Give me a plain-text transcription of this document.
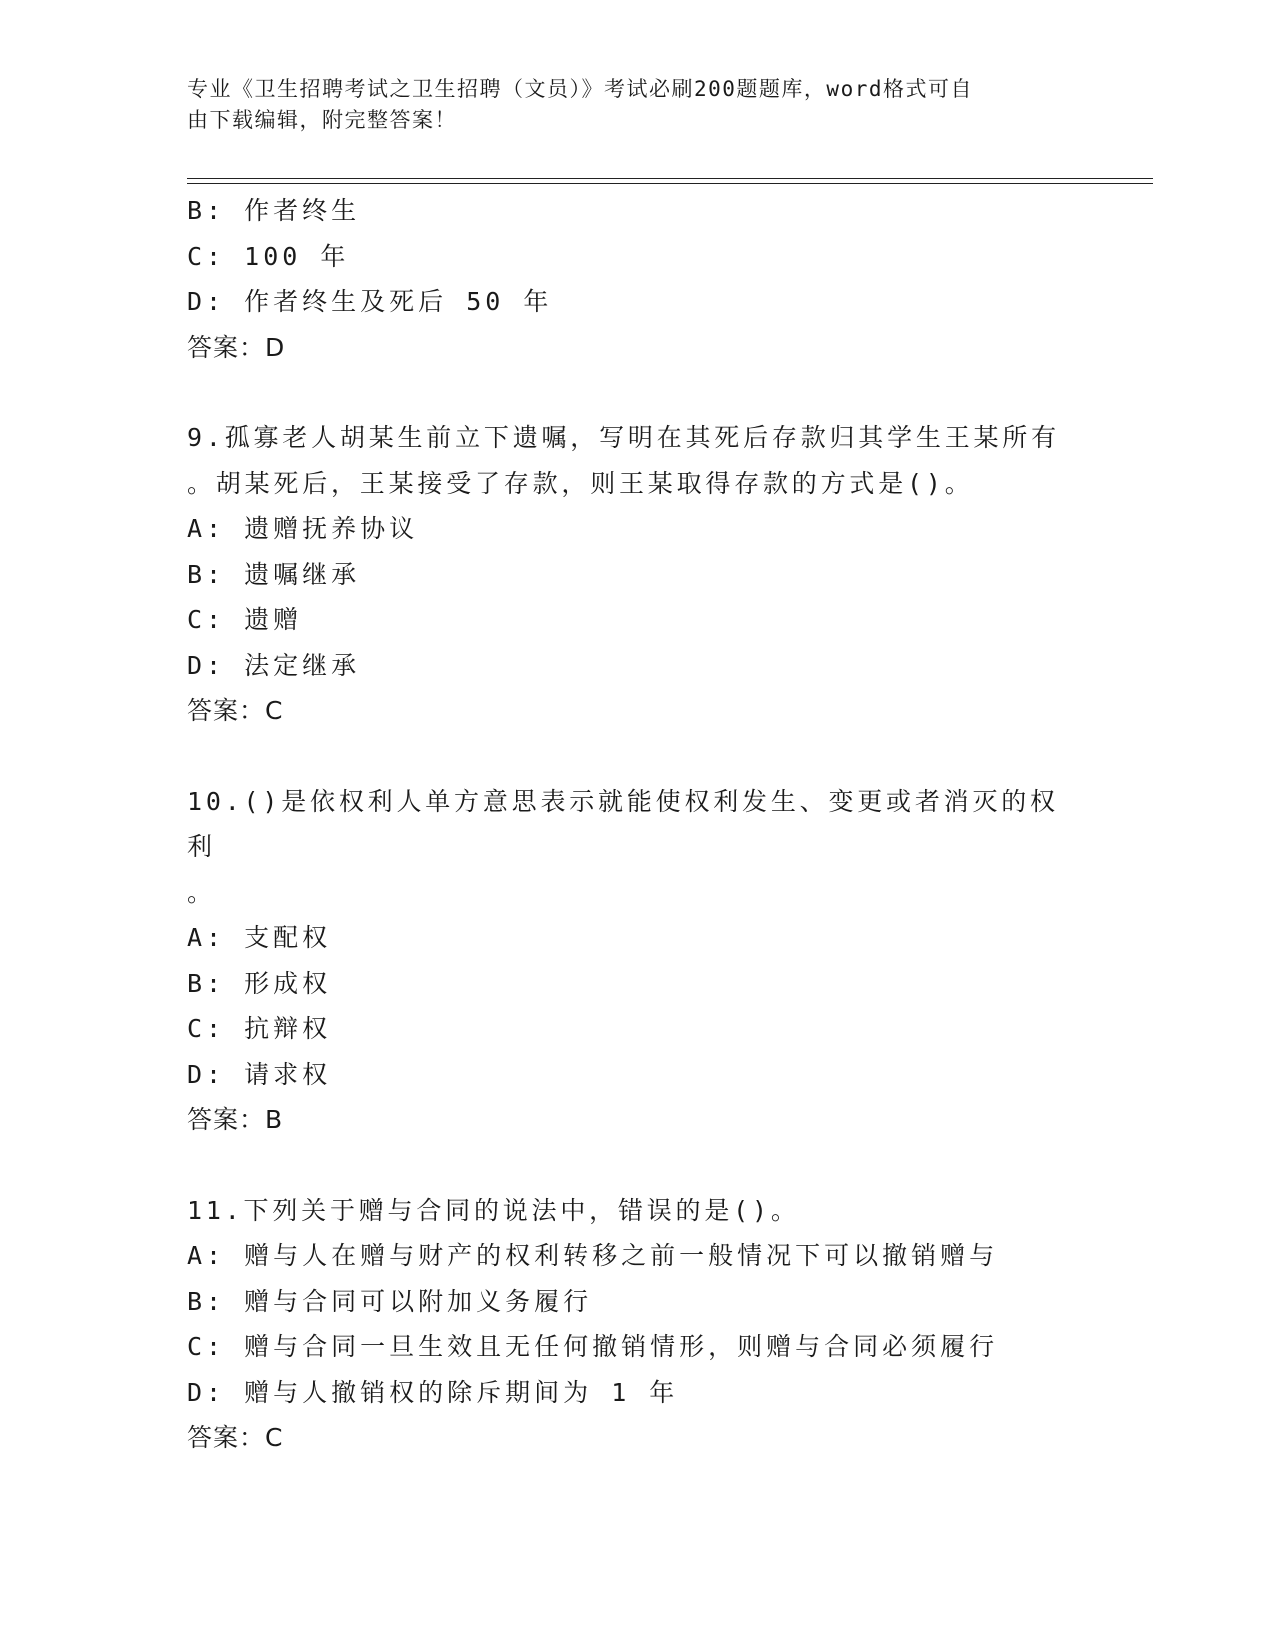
专业《卫生招聘考试之卫生招聘（文员）》考试必刷200题题库，word格式可自
由下载编辑，附完整答案！
B: 作者终生
C: 100 年
D: 作者终生及死后 50 年
答案：D
9.孤寡老人胡某生前立下遗嘱，写明在其死后存款归其学生王某所有
。胡某死后，王某接受了存款，则王某取得存款的方式是()。
A: 遗赠抚养协议
B: 遗嘱继承
C: 遗赠
D: 法定继承
答案：C
10.()是依权利人单方意思表示就能使权利发生、变更或者消灭的权利
。
A: 支配权
B: 形成权
C: 抗辩权
D: 请求权
答案：B
11.下列关于赠与合同的说法中，错误的是()。
A: 赠与人在赠与财产的权利转移之前一般情况下可以撤销赠与
B: 赠与合同可以附加义务履行
C: 赠与合同一旦生效且无任何撤销情形，则赠与合同必须履行
D: 赠与人撤销权的除斥期间为 1 年
答案：C
